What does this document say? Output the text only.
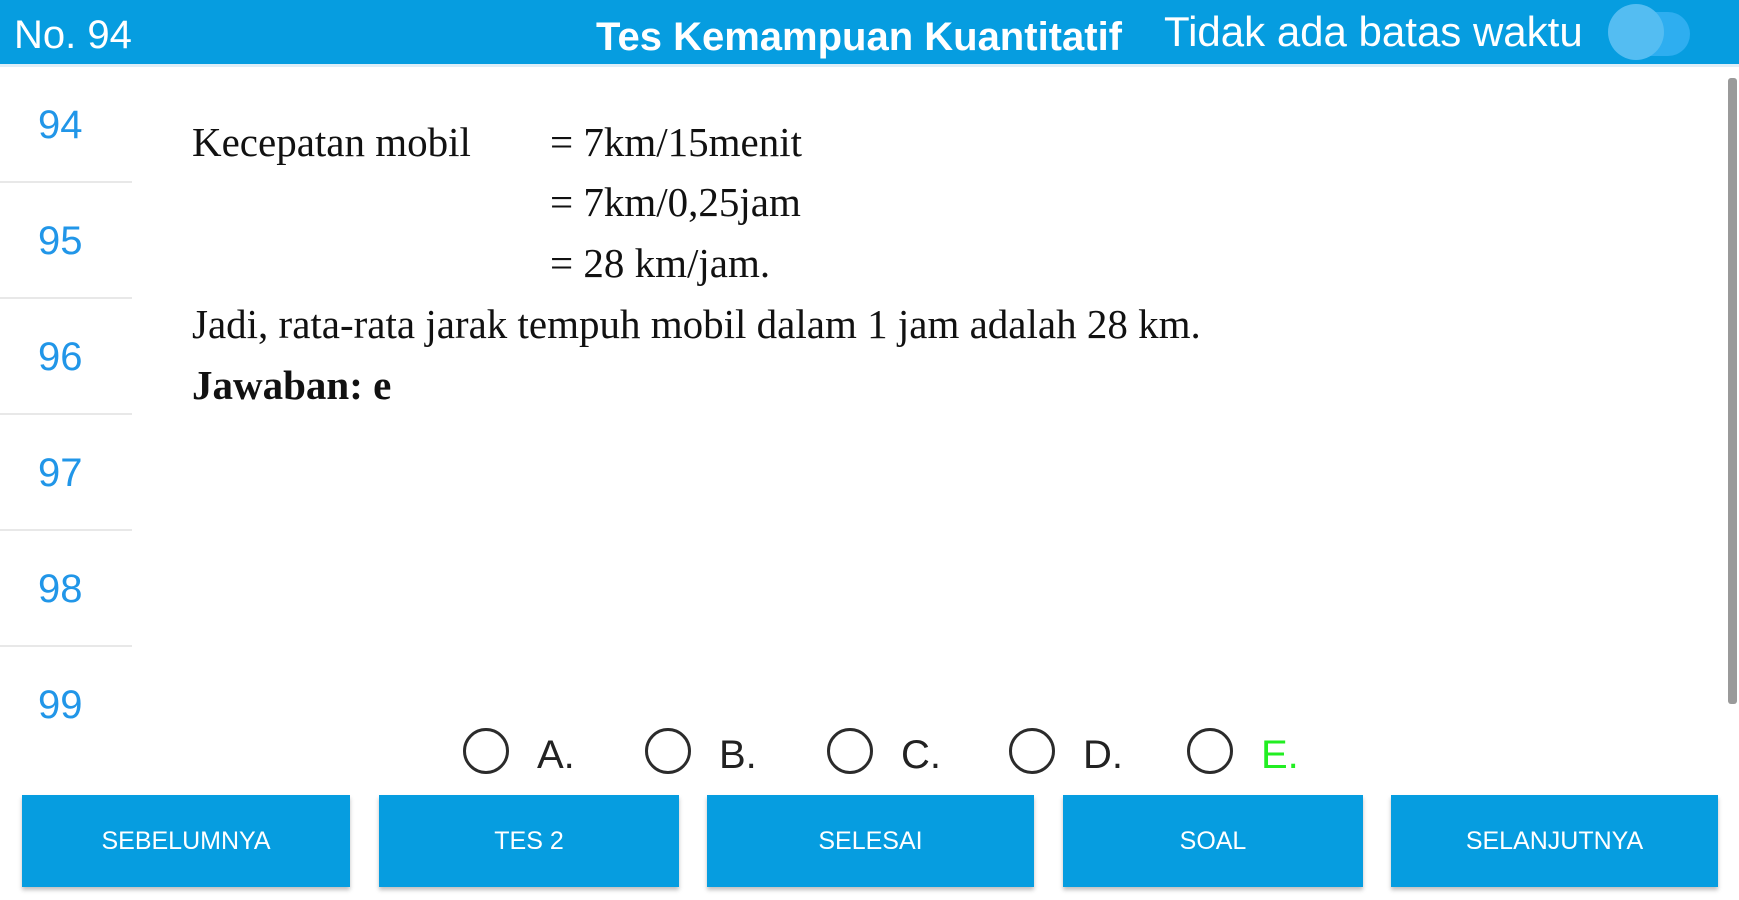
No. 94	Tes Kemampuan Kuantitatif Tidak ada batas waktu
94
95
96
97
98
99
Kecepatan mobil = 7km/15menit
= 7km/0,25jam
= 28 km/jam.
Jadi, rata-rata jarak tempuh mobil dalam 1 jam adalah 28 km.
Jawaban: e
A.	B.	C.	D.	E.
SEBELUMNYA	TES 2	SELESAI	SOAL	SELANJUTNYA
